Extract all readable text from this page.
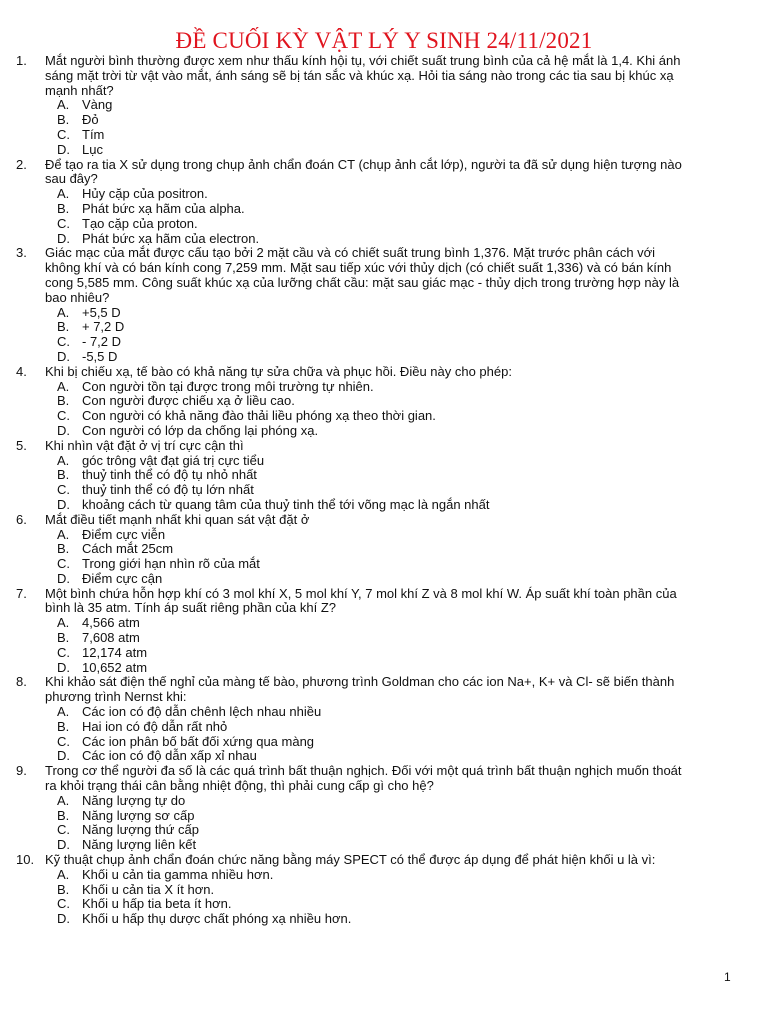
ĐỀ CUỐI KỲ VẬT LÝ Y SINH 24/11/2021
1. Mắt người bình thường được xem như thấu kính hội tụ, với chiết suất trung bình của cả hệ mắt là 1,4. Khi ánh
sáng mặt trời từ vật vào mắt, ánh sáng sẽ bị tán sắc và khúc xạ. Hỏi tia sáng nào trong các tia sau bị khúc xạ
mạnh nhất?
A. Vàng
B. Đỏ
C. Tím
D. Lục
2. Để tạo ra tia X sử dụng trong chụp ảnh chẩn đoán CT (chụp ảnh cắt lớp), người ta đã sử dụng hiện tượng nào
sau đây?
A. Hủy cặp của positron.
B. Phát bức xạ hãm của alpha.
C. Tạo cặp của proton.
D. Phát bức xạ hãm của electron.
3. Giác mạc của mắt được cấu tạo bởi 2 mặt cầu và có chiết suất trung bình 1,376. Mặt trước phân cách với
không khí và có bán kính cong 7,259 mm. Mặt sau tiếp xúc với thủy dịch (có chiết suất 1,336) và có bán kính
cong 5,585 mm. Công suất khúc xạ của lưỡng chất cầu: mặt sau giác mạc - thủy dịch trong trường hợp này là
bao nhiêu?
A. +5,5 D
B. + 7,2 D
C. - 7,2 D
D. -5,5 D
4. Khi bị chiếu xạ, tế bào có khả năng tự sửa chữa và phục hồi. Điều này cho phép:
A. Con người tồn tại được trong môi trường tự nhiên.
B. Con người được chiếu xạ ở liều cao.
C. Con người có khả năng đào thải liều phóng xạ theo thời gian.
D. Con người có lớp da chống lại phóng xạ.
5. Khi nhìn vật đặt ở vị trí cực cận thì
A. góc trông vật đạt giá trị cực tiểu
B. thuỷ tinh thể có độ tụ nhỏ nhất
C. thuỷ tinh thể có độ tụ lớn nhất
D. khoảng cách từ quang tâm của thuỷ tinh thể tới võng mạc là ngắn nhất
6. Mắt điều tiết mạnh nhất khi quan sát vật đặt ở
A. Điểm cực viễn
B. Cách mắt 25cm
C. Trong giới hạn nhìn rõ của mắt
D. Điểm cực cận
7. Một bình chứa hỗn hợp khí có 3 mol khí X, 5 mol khí Y, 7 mol khí Z và 8 mol khí W. Áp suất khí toàn phần của
bình là 35 atm. Tính áp suất riêng phần của khí Z?
A. 4,566 atm
B. 7,608 atm
C. 12,174 atm
D. 10,652 atm
8. Khi khảo sát điện thế nghỉ của màng tế bào, phương trình Goldman cho các ion Na+, K+ và Cl- sẽ biến thành
phương trình Nernst khi:
A. Các ion có độ dẫn chênh lệch nhau nhiều
B. Hai ion có độ dẫn rất nhỏ
C. Các ion phân bố bất đối xứng qua màng
D. Các ion có độ dẫn xấp xỉ nhau
9. Trong cơ thể người đa số là các quá trình bất thuận nghịch. Đối với một quá trình bất thuận nghịch muốn thoát
ra khỏi trạng thái cân bằng nhiệt động, thì phải cung cấp gì cho hệ?
A. Năng lượng tự do
B. Năng lượng sơ cấp
C. Năng lượng thứ cấp
D. Năng lượng liên kết
10. Kỹ thuật chụp ảnh chẩn đoán chức năng bằng máy SPECT có thể được áp dụng để phát hiện khối u là vì:
A. Khối u cản tia gamma nhiều hơn.
B. Khối u cản tia X ít hơn.
C. Khối u hấp tia beta ít hơn.
D. Khối u hấp thụ dược chất phóng xạ nhiều hơn.
1
